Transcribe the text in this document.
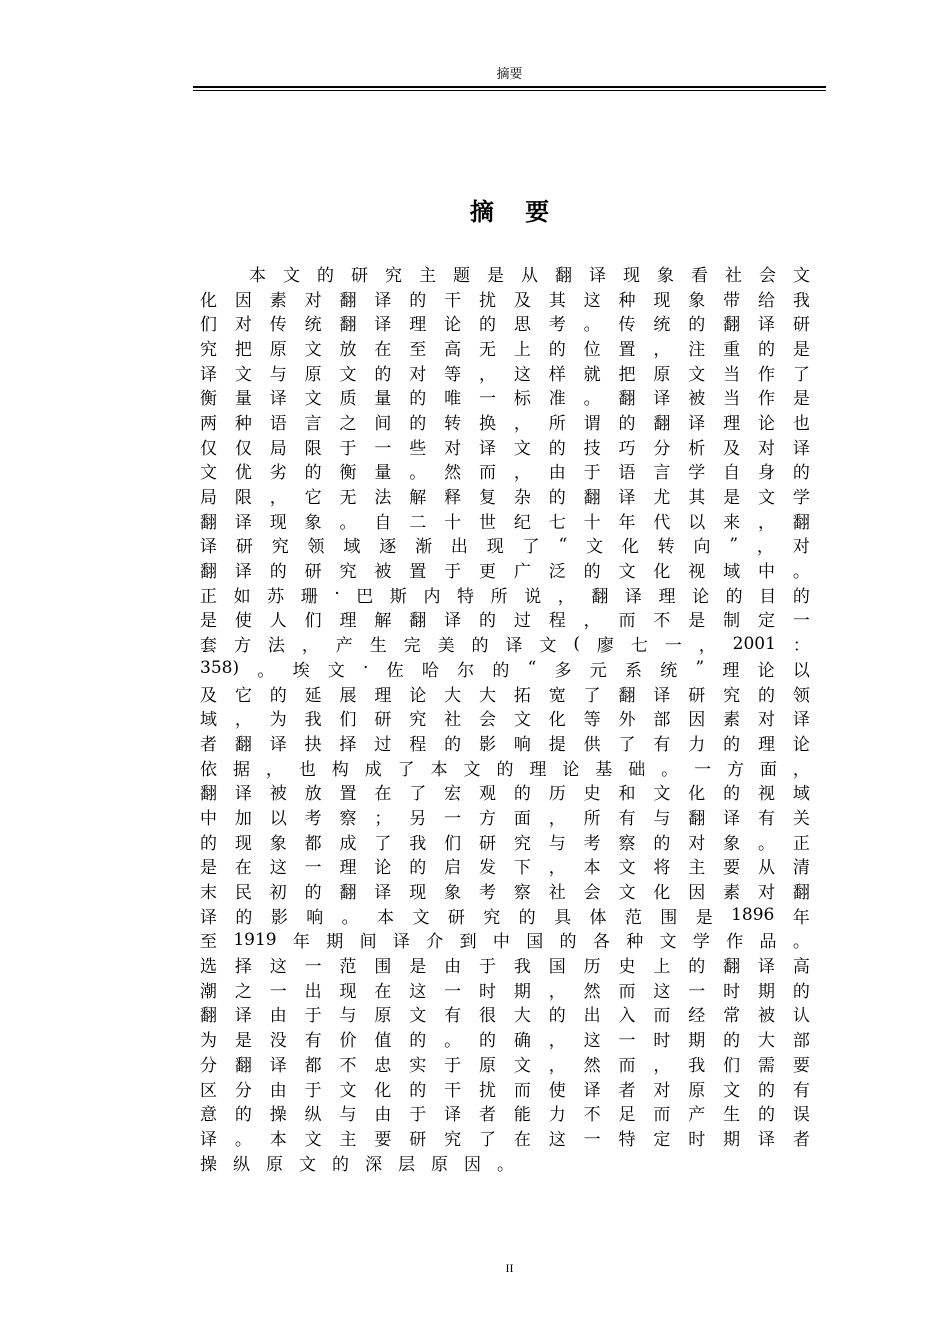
摘要
摘要
本 文 的 研 究 主 题 是 从 翻 译 现 象 看 社 会 文
化 因 素 对 翻 译 的 干 扰 及 其 这 种 现 象 带 给 我
们 对 传 统 翻 译 理 论 的 思 考 。 传 统 的 翻 译 研
究 把 原 文 放 在 至 高 无 上 的 位 置 ， 注 重 的 是
译 文 与 原 文 的 对 等 ， 这 样 就 把 原 文 当 作 了
衡 量 译 文 质 量 的 唯 一 标 准 。 翻 译 被 当 作 是
两 种 语 言 之 间 的 转 换 ， 所 谓 的 翻 译 理 论 也
仅 仅 局 限 于 一 些 对 译 文 的 技 巧 分 析 及 对 译
文 优 劣 的 衡 量 。 然 而 ， 由 于 语 言 学 自 身 的
局 限 ， 它 无 法 解 释 复 杂 的 翻 译 尤 其 是 文 学
翻 译 现 象 。 自 二 十 世 纪 七 十 年 代 以 来 ， 翻
译 研 究 领 域 逐 渐 出 现 了 “ 文 化 转 向 ” ， 对
翻 译 的 研 究 被 置 于 更 广 泛 的 文 化 视 域 中 。
正 如 苏 珊 · 巴 斯 内 特 所 说 ， 翻 译 理 论 的 目 的
是 使 人 们 理 解 翻 译 的 过 程 ， 而 不 是 制 定 一
套 方 法 ， 产 生 完 美 的 译 文 ( 廖 七 一 ， 2001 ：
358) 。 埃 文 · 佐 哈 尔 的 “ 多 元 系 统 ” 理 论 以
及 它 的 延 展 理 论 大 大 拓 宽 了 翻 译 研 究 的 领
域 ， 为 我 们 研 究 社 会 文 化 等 外 部 因 素 对 译
者 翻 译 抉 择 过 程 的 影 响 提 供 了 有 力 的 理 论
依 据 ， 也 构 成 了 本 文 的 理 论 基 础 。 一 方 面 ，
翻 译 被 放 置 在 了 宏 观 的 历 史 和 文 化 的 视 域
中 加 以 考 察 ； 另 一 方 面 ， 所 有 与 翻 译 有 关
的 现 象 都 成 了 我 们 研 究 与 考 察 的 对 象 。 正
是 在 这 一 理 论 的 启 发 下 ， 本 文 将 主 要 从 清
末 民 初 的 翻 译 现 象 考 察 社 会 文 化 因 素 对 翻
译 的 影 响 。 本 文 研 究 的 具 体 范 围 是 1896 年
至 1919 年 期 间 译 介 到 中 国 的 各 种 文 学 作 品 。
选 择 这 一 范 围 是 由 于 我 国 历 史 上 的 翻 译 高
潮 之 一 出 现 在 这 一 时 期 ， 然 而 这 一 时 期 的
翻 译 由 于 与 原 文 有 很 大 的 出 入 而 经 常 被 认
为 是 没 有 价 值 的 。 的 确 ， 这 一 时 期 的 大 部
分 翻 译 都 不 忠 实 于 原 文 ， 然 而 ， 我 们 需 要
区 分 由 于 文 化 的 干 扰 而 使 译 者 对 原 文 的 有
意 的 操 纵 与 由 于 译 者 能 力 不 足 而 产 生 的 误
译 。 本 文 主 要 研 究 了 在 这 一 特 定 时 期 译 者
操 纵 原 文 的 深 层 原 因 。
II
